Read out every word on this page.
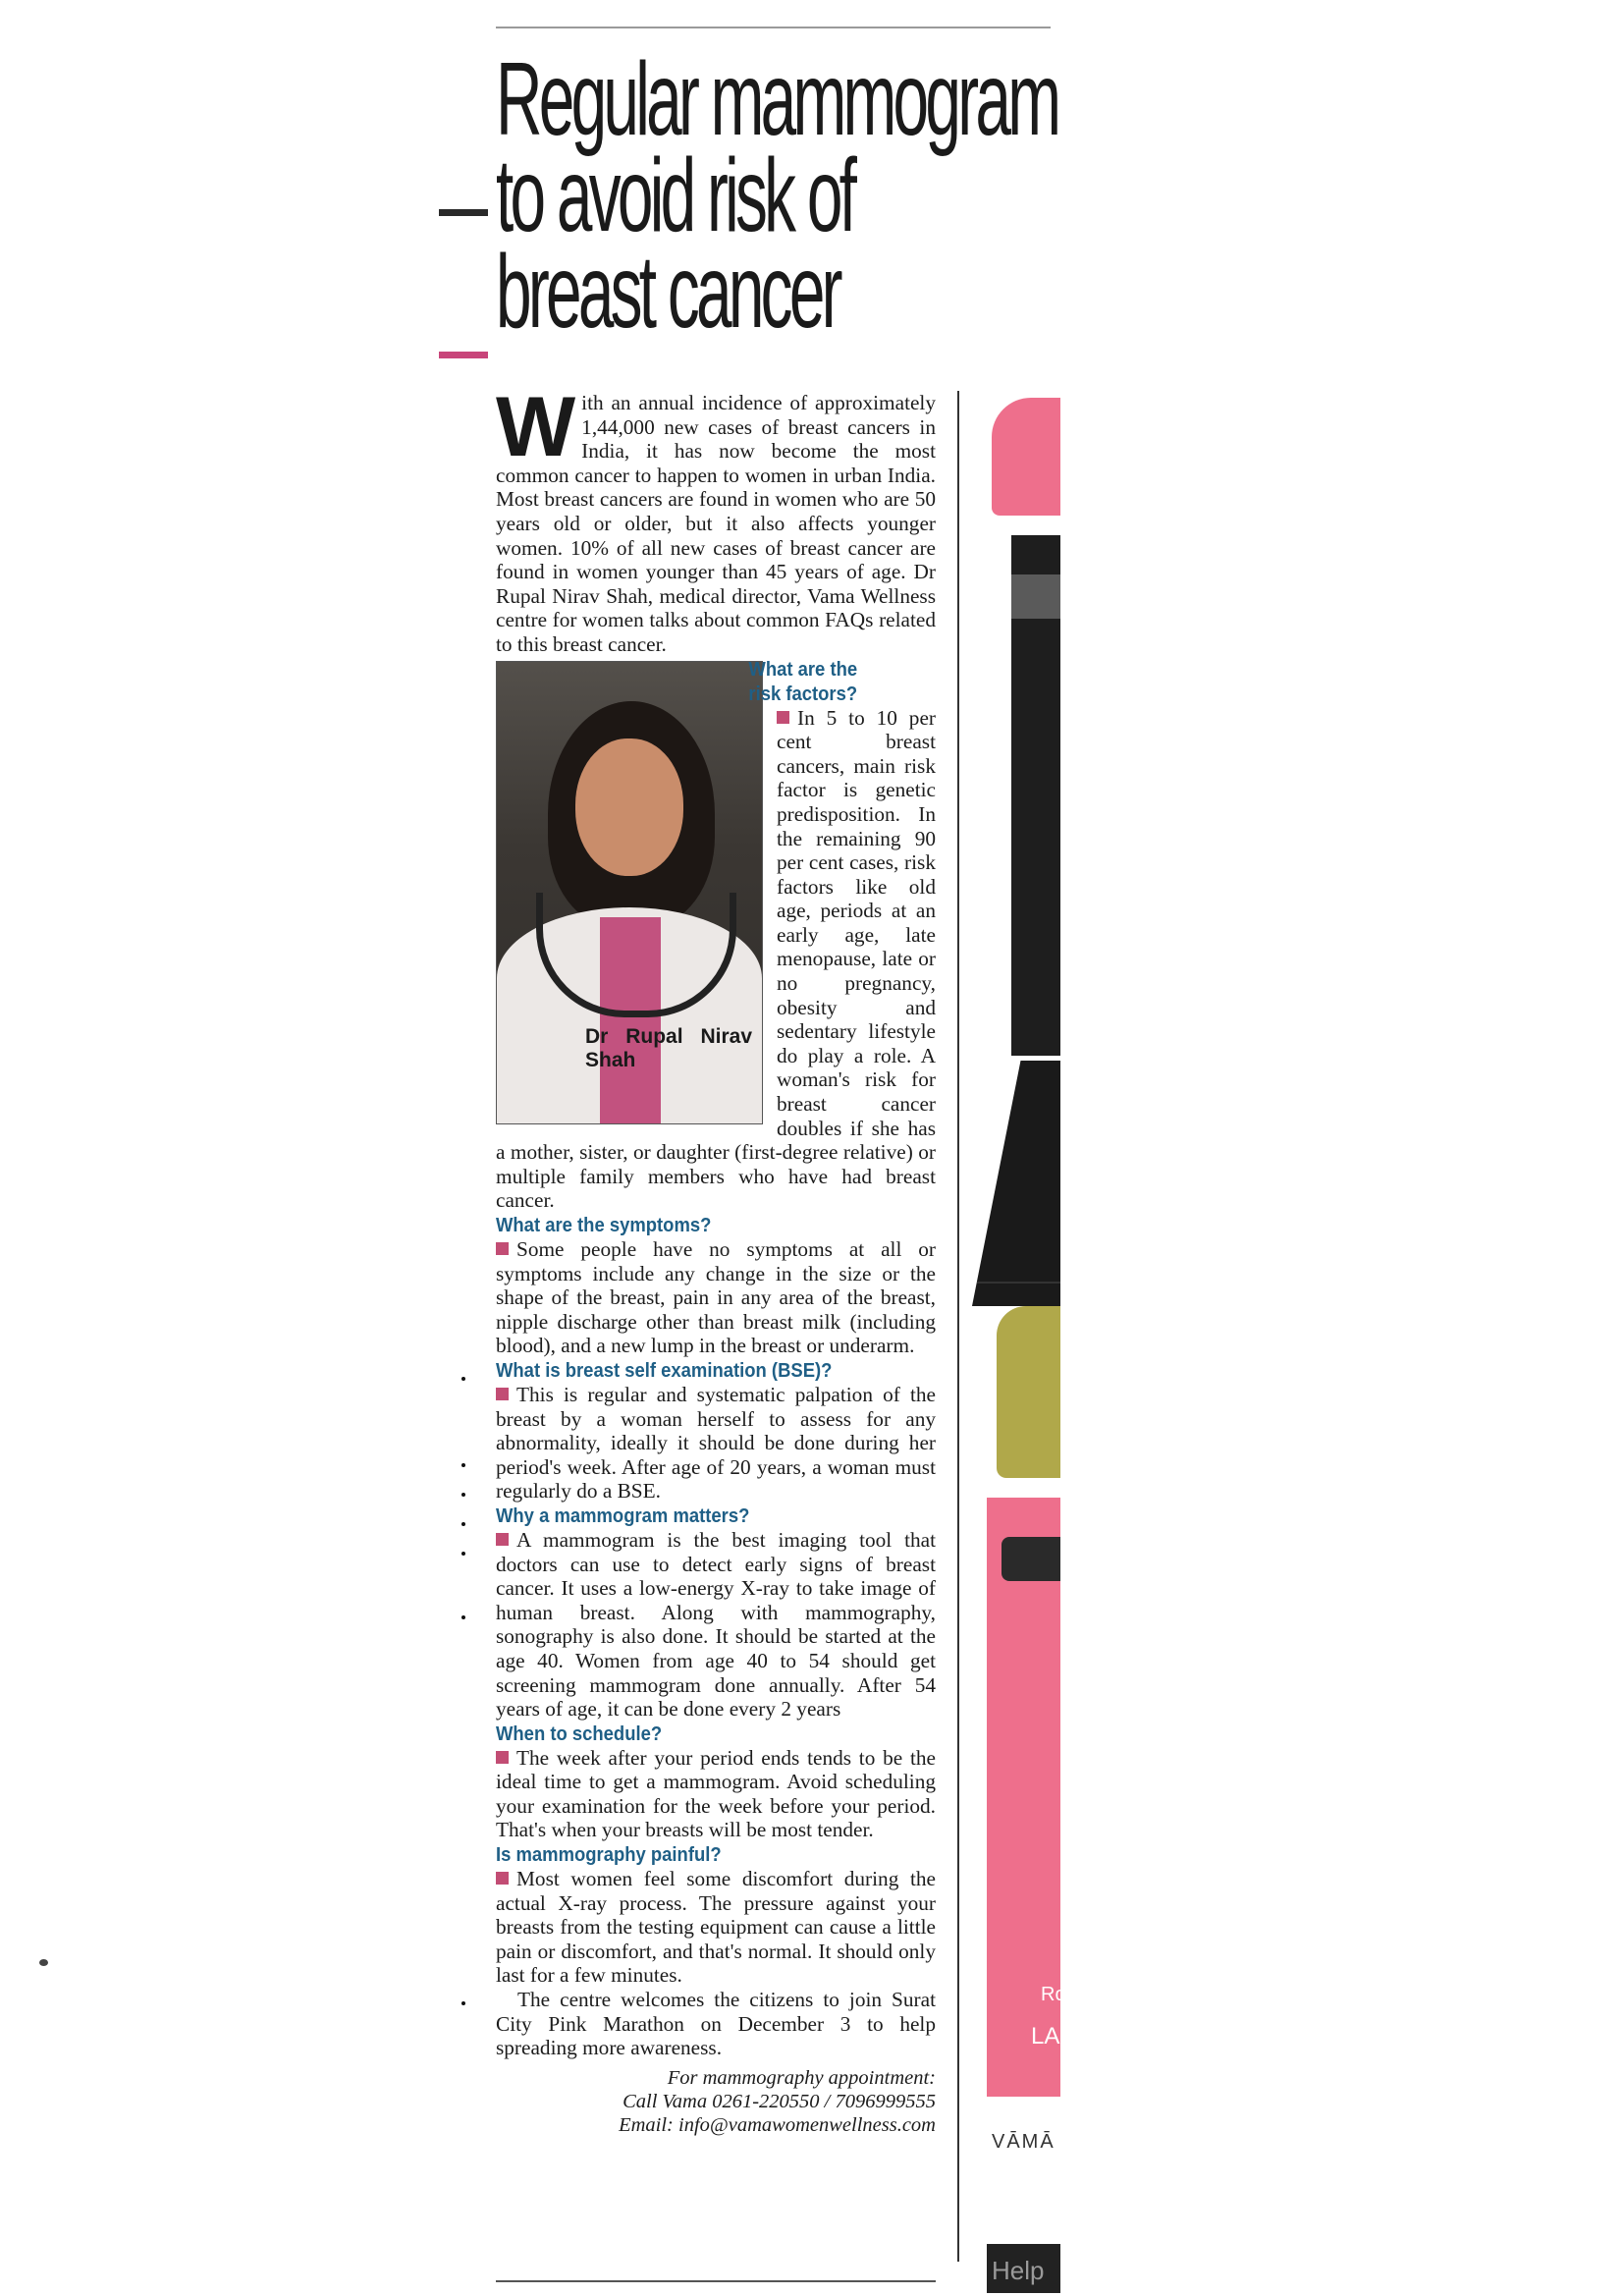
Regular mammogram
to avoid risk of
breast cancer

With an annual incidence of approximately 1,44,000 new cases of breast cancers in India, it has now become the most common cancer to happen to women in urban India. Most breast cancers are found in women who are 50 years old or older, but it also affects younger women. 10% of all new cases of breast cancer are found in women younger than 45 years of age. Dr Rupal Nirav Shah, medical director, Vama Wellness centre for women talks about common FAQs related to this breast cancer.

Dr Rupal Nirav Shah

What are the risk factors?

In 5 to 10 per cent breast cancers, main risk factor is genetic predisposition. In the remaining 90 per cent cases, risk factors like old age, periods at an early age, late menopause, late or no pregnancy, obesity and sedentary lifestyle do play a role. A woman's risk for breast cancer doubles if she has a mother, sister, or daughter (first-degree relative) or multiple family members who have had breast cancer.

What are the symptoms?

Some people have no symptoms at all or symptoms include any change in the size or the shape of the breast, pain in any area of the breast, nipple discharge other than breast milk (including blood), and a new lump in the breast or underarm.

What is breast self examination (BSE)?

This is regular and systematic palpation of the breast by a woman herself to assess for any abnormality, ideally it should be done during her period's week. After age of 20 years, a woman must regularly do a BSE.

Why a mammogram matters?

A mammogram is the best imaging tool that doctors can use to detect early signs of breast cancer. It uses a low-energy X-ray to take image of human breast. Along with mammography, sonography is also done. It should be started at the age 40. Women from age 40 to 54 should get screening mammogram done annually. After 54 years of age, it can be done every 2 years

When to schedule?

The week after your period ends tends to be the ideal time to get a mammogram. Avoid scheduling your examination for the week before your period. That's when your breasts will be most tender.

Is mammography painful?

Most women feel some discomfort during the actual X-ray process. The pressure against your breasts from the testing equipment can cause a little pain or discomfort, and that's normal. It should only last for a few minutes.

The centre welcomes the citizens to join Surat City Pink Marathon on December 3 to help spreading more awareness.

For mammography appointment:
Call Vama 0261-220550 / 7096999555
Email: info@vamawomenwellness.com
Ro
LA
VĀMĀ
Help
